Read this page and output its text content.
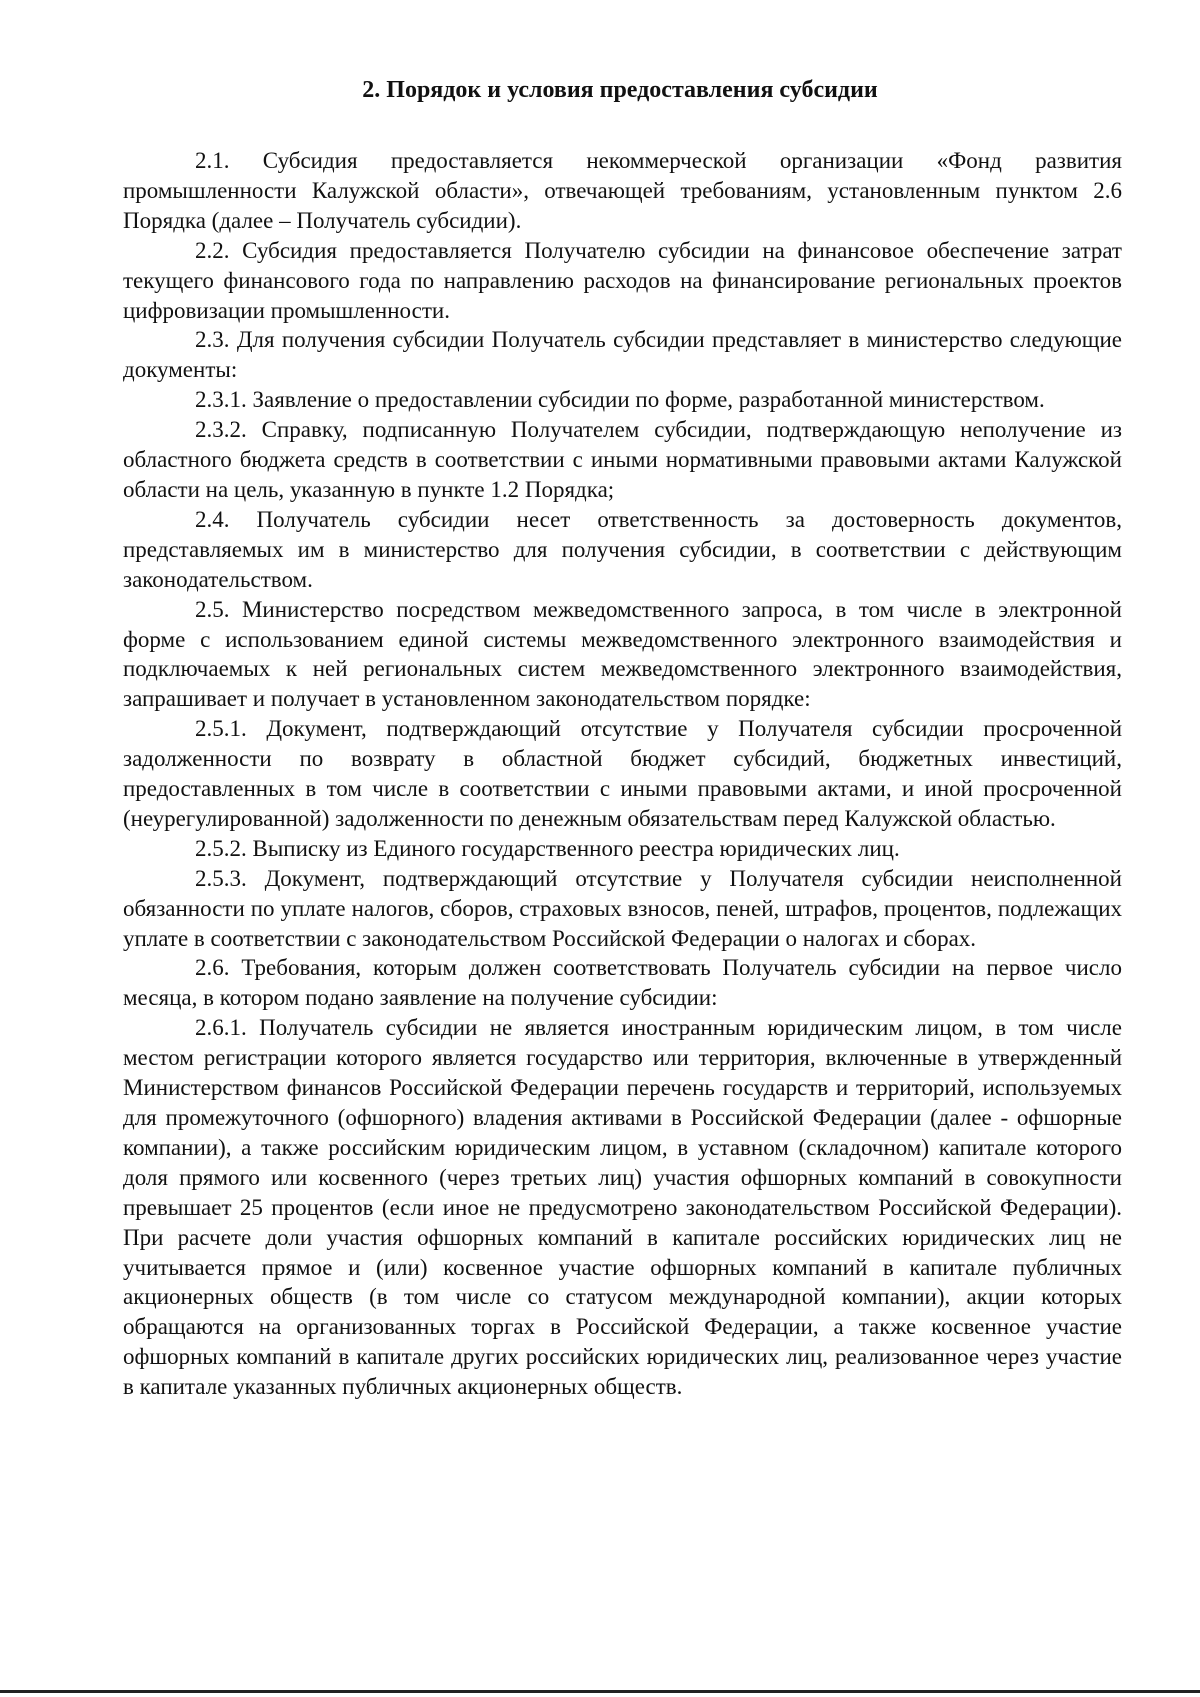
2. Порядок и условия предоставления субсидии

2.1. Субсидия предоставляется некоммерческой организации «Фонд развития промышленности Калужской области», отвечающей требованиям, установленным пунктом 2.6 Порядка (далее – Получатель субсидии).

2.2. Субсидия предоставляется Получателю субсидии на финансовое обеспечение затрат текущего финансового года по направлению расходов на финансирование региональных проектов цифровизации промышленности.

2.3. Для получения субсидии Получатель субсидии представляет в министерство следующие документы:

2.3.1. Заявление о предоставлении субсидии по форме, разработанной министерством.

2.3.2. Справку, подписанную Получателем субсидии, подтверждающую неполучение из областного бюджета средств в соответствии с иными нормативными правовыми актами Калужской области на цель, указанную в пункте 1.2 Порядка;

2.4. Получатель субсидии несет ответственность за достоверность документов, представляемых им в министерство для получения субсидии, в соответствии с действующим законодательством.

2.5. Министерство посредством межведомственного запроса, в том числе в электронной форме с использованием единой системы межведомственного электронного взаимодействия и подключаемых к ней региональных систем межведомственного электронного взаимодействия, запрашивает и получает в установленном законодательством порядке:

2.5.1. Документ, подтверждающий отсутствие у Получателя субсидии просроченной задолженности по возврату в областной бюджет субсидий, бюджетных инвестиций, предоставленных в том числе в соответствии с иными правовыми актами, и иной просроченной (неурегулированной) задолженности по денежным обязательствам перед Калужской областью.

2.5.2. Выписку из Единого государственного реестра юридических лиц.

2.5.3. Документ, подтверждающий отсутствие у Получателя субсидии неисполненной обязанности по уплате налогов, сборов, страховых взносов, пеней, штрафов, процентов, подлежащих уплате в соответствии с законодательством Российской Федерации о налогах и сборах.

2.6. Требования, которым должен соответствовать Получатель субсидии на первое число месяца, в котором подано заявление на получение субсидии:

2.6.1. Получатель субсидии не является иностранным юридическим лицом, в том числе местом регистрации которого является государство или территория, включенные в утвержденный Министерством финансов Российской Федерации перечень государств и территорий, используемых для промежуточного (офшорного) владения активами в Российской Федерации (далее - офшорные компании), а также российским юридическим лицом, в уставном (складочном) капитале которого доля прямого или косвенного (через третьих лиц) участия офшорных компаний в совокупности превышает 25 процентов (если иное не предусмотрено законодательством Российской Федерации). При расчете доли участия офшорных компаний в капитале российских юридических лиц не учитывается прямое и (или) косвенное участие офшорных компаний в капитале публичных акционерных обществ (в том числе со статусом международной компании), акции которых обращаются на организованных торгах в Российской Федерации, а также косвенное участие офшорных компаний в капитале других российских юридических лиц, реализованное через участие в капитале указанных публичных акционерных обществ.
